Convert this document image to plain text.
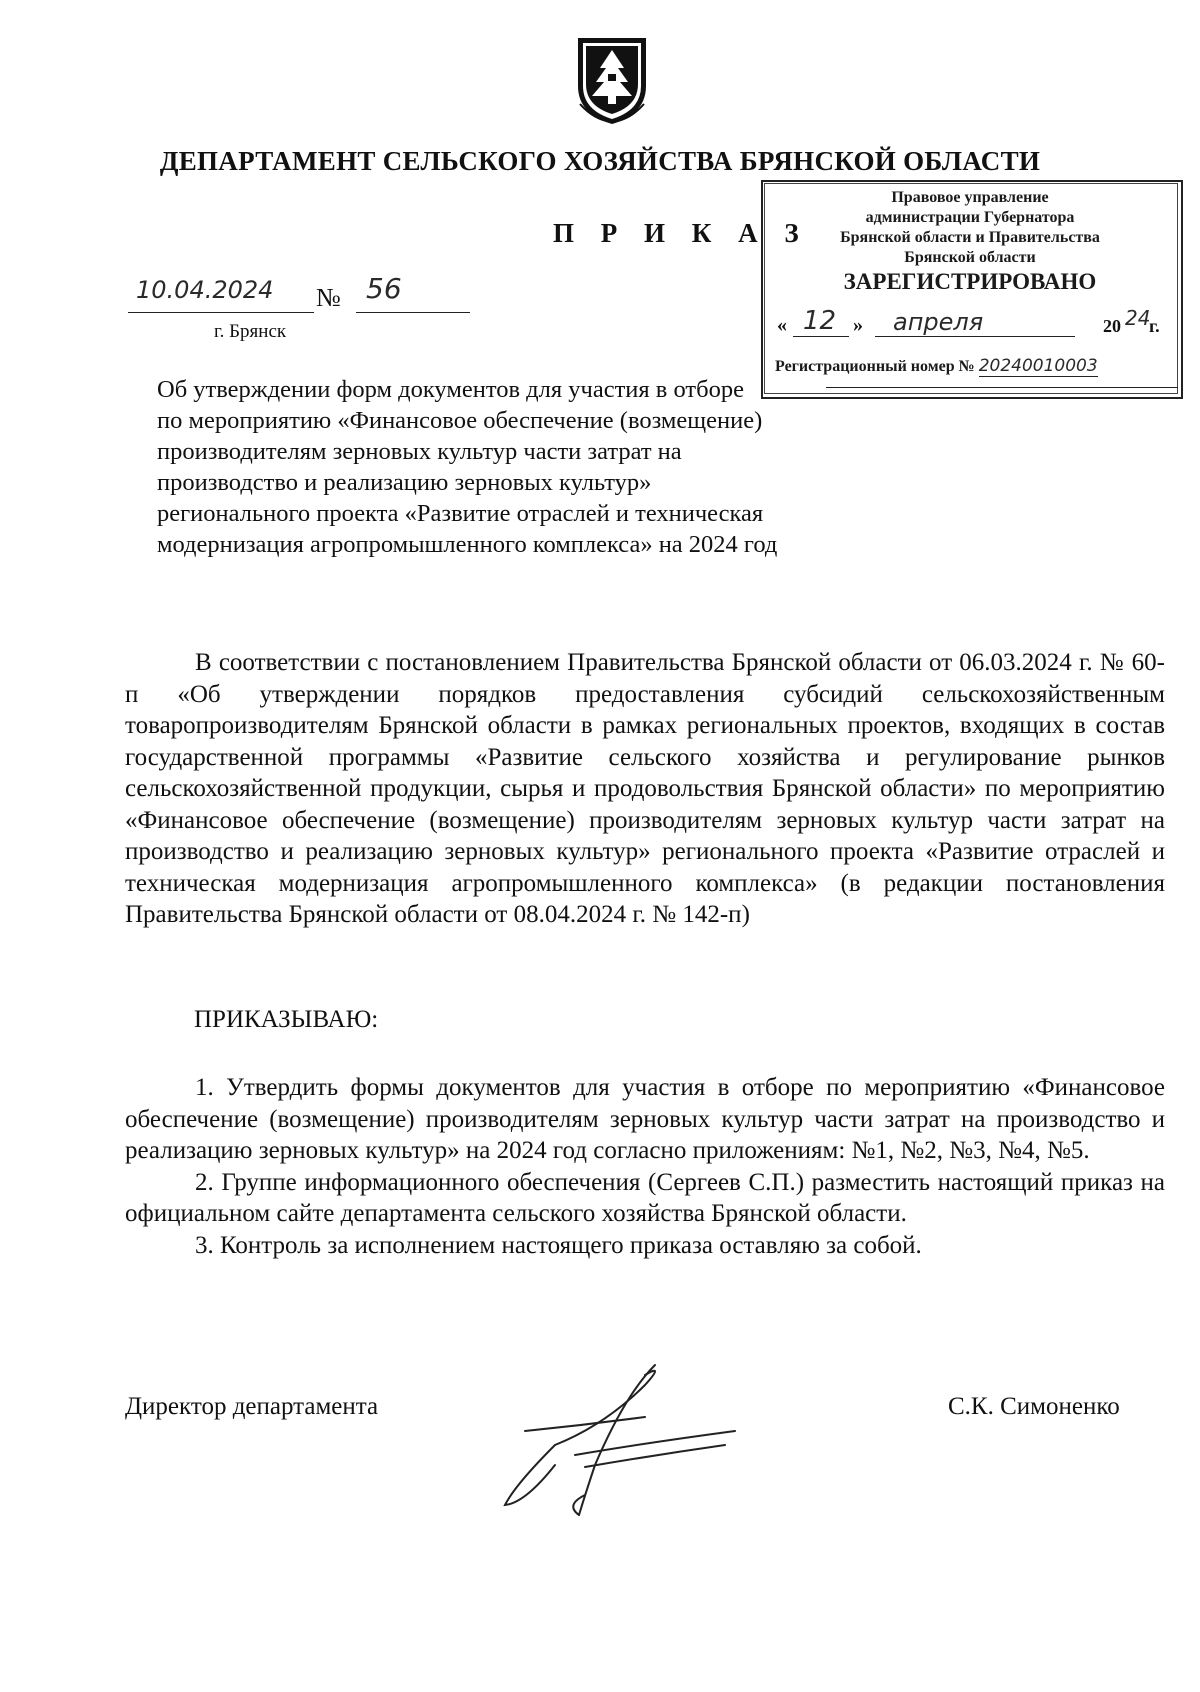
ДЕПАРТАМЕНТ СЕЛЬСКОГО ХОЗЯЙСТВА БРЯНСКОЙ ОБЛАСТИ
П Р И К А З
10.04.2024 № 56
г. Брянск
Правовое управление
администрации Губернатора
Брянской области и Правительства
Брянской области
ЗАРЕГИСТРИРОВАНО
« 12 » апреля	20 24
г.
Регистрационный номер № 20240010003
Об утверждении форм документов для участия в отборе
по мероприятию «Финансовое обеспечение (возмещение)
производителям зерновых культур части затрат на
производство и реализацию зерновых культур»
регионального проекта «Развитие отраслей и техническая
модернизация агропромышленного комплекса» на 2024 год

В соответствии с постановлением Правительства Брянской области от 06.03.2024 г. № 60-п «Об утверждении порядков предоставления субсидий сельскохозяйственным товаропроизводителям Брянской области в рамках региональных проектов, входящих в состав государственной программы «Развитие сельского хозяйства и регулирование рынков сельскохозяйственной продукции, сырья и продовольствия Брянской области» по мероприятию «Финансовое обеспечение (возмещение) производителям зерновых культур части затрат на производство и реализацию зерновых культур» регионального проекта «Развитие отраслей и техническая модернизация агропромышленного комплекса» (в редакции постановления Правительства Брянской области от 08.04.2024 г. № 142-п)

ПРИКАЗЫВАЮ:

1. Утвердить формы документов для участия в отборе по мероприятию «Финансовое обеспечение (возмещение) производителям зерновых культур части затрат на производство и реализацию зерновых культур» на 2024 год согласно приложениям: №1, №2, №3, №4, №5.

2. Группе информационного обеспечения (Сергеев С.П.) разместить настоящий приказ на официальном сайте департамента сельского хозяйства Брянской области.

3. Контроль за исполнением настоящего приказа оставляю за собой.

Директор департамента	С.К. Симоненко
